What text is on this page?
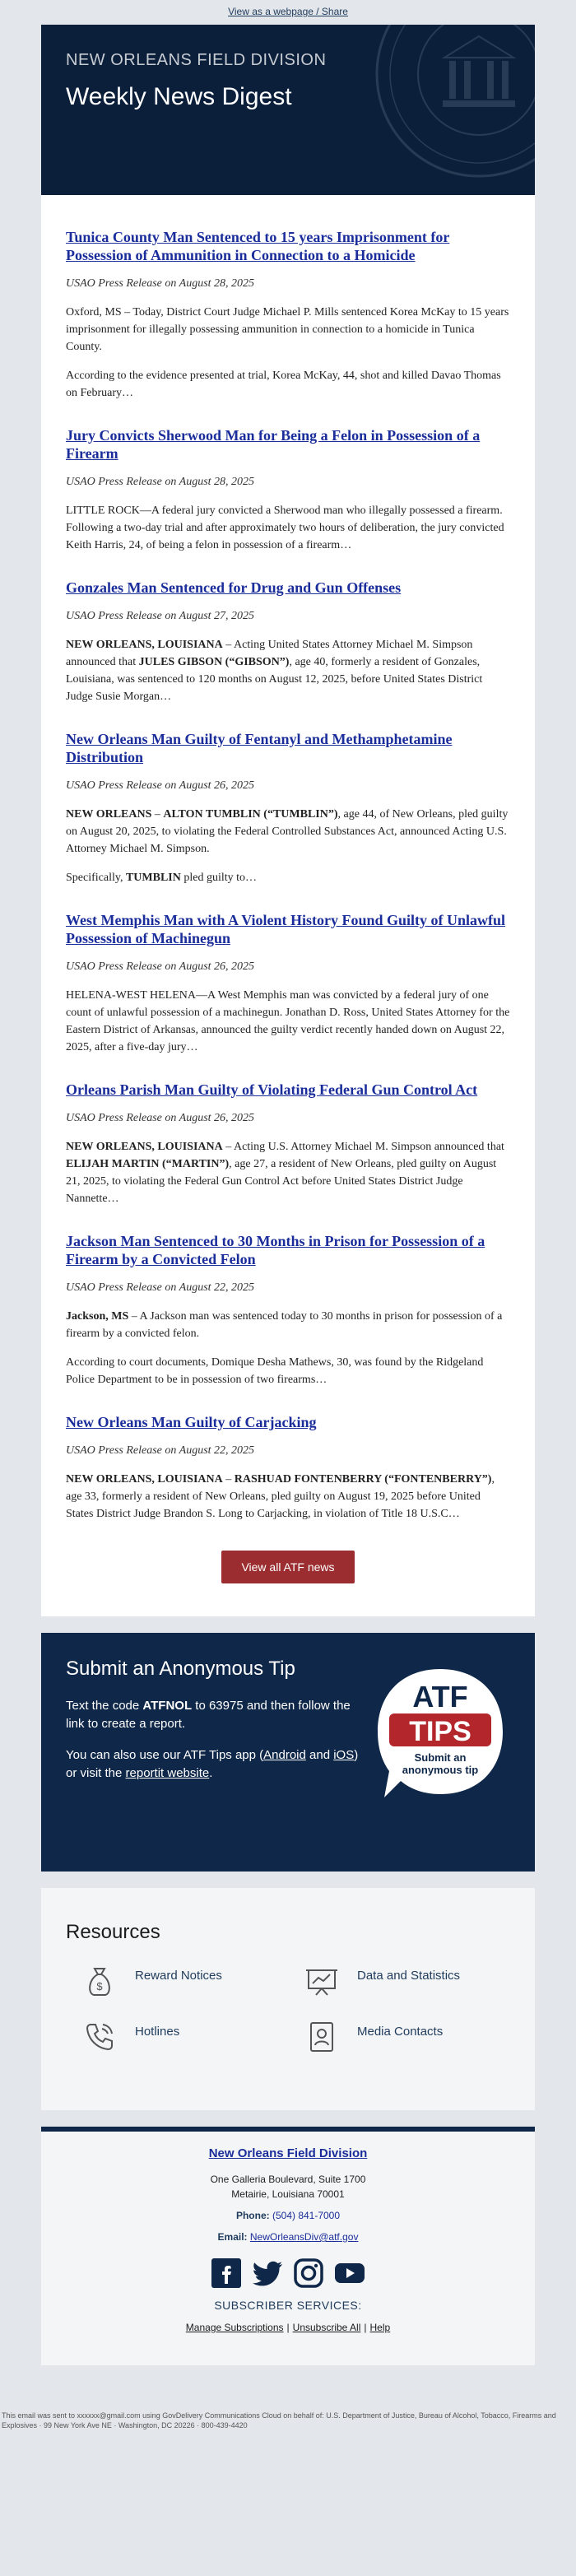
View as a webpage / Share
NEW ORLEANS FIELD DIVISION
Weekly News Digest
Tunica County Man Sentenced to 15 years Imprisonment for Possession of Ammunition in Connection to a Homicide
USAO Press Release on August 28, 2025

Oxford, MS – Today, District Court Judge Michael P. Mills sentenced Korea McKay to 15 years imprisonment for illegally possessing ammunition in connection to a homicide in Tunica County.

According to the evidence presented at trial, Korea McKay, 44, shot and killed Davao Thomas on February…

Jury Convicts Sherwood Man for Being a Felon in Possession of a Firearm
USAO Press Release on August 28, 2025

LITTLE ROCK—A federal jury convicted a Sherwood man who illegally possessed a firearm. Following a two-day trial and after approximately two hours of deliberation, the jury convicted Keith Harris, 24, of being a felon in possession of a firearm…

Gonzales Man Sentenced for Drug and Gun Offenses
USAO Press Release on August 27, 2025

NEW ORLEANS, LOUISIANA – Acting United States Attorney Michael M. Simpson announced that JULES GIBSON (“GIBSON”), age 40, formerly a resident of Gonzales, Louisiana, was sentenced to 120 months on August 12, 2025, before United States District Judge Susie Morgan…

New Orleans Man Guilty of Fentanyl and Methamphetamine Distribution
USAO Press Release on August 26, 2025

NEW ORLEANS – ALTON TUMBLIN (“TUMBLIN”), age 44, of New Orleans, pled guilty on August 20, 2025, to violating the Federal Controlled Substances Act, announced Acting U.S. Attorney Michael M. Simpson.

Specifically, TUMBLIN pled guilty to…

West Memphis Man with A Violent History Found Guilty of Unlawful Possession of Machinegun
USAO Press Release on August 26, 2025

HELENA-WEST HELENA—A West Memphis man was convicted by a federal jury of one count of unlawful possession of a machinegun. Jonathan D. Ross, United States Attorney for the Eastern District of Arkansas, announced the guilty verdict recently handed down on August 22, 2025, after a five-day jury…

Orleans Parish Man Guilty of Violating Federal Gun Control Act
USAO Press Release on August 26, 2025

NEW ORLEANS, LOUISIANA – Acting U.S. Attorney Michael M. Simpson announced that ELIJAH MARTIN (“MARTIN”), age 27, a resident of New Orleans, pled guilty on August 21, 2025, to violating the Federal Gun Control Act before United States District Judge Nannette…

Jackson Man Sentenced to 30 Months in Prison for Possession of a Firearm by a Convicted Felon
USAO Press Release on August 22, 2025

Jackson, MS – A Jackson man was sentenced today to 30 months in prison for possession of a firearm by a convicted felon.

According to court documents, Domique Desha Mathews, 30, was found by the Ridgeland Police Department to be in possession of two firearms…

New Orleans Man Guilty of Carjacking
USAO Press Release on August 22, 2025

NEW ORLEANS, LOUISIANA – RASHUAD FONTENBERRY (“FONTENBERRY”), age 33, formerly a resident of New Orleans, pled guilty on August 19, 2025 before United States District Judge Brandon S. Long to Carjacking, in violation of Title 18 U.S.C…

View all ATF news
Submit an Anonymous Tip

Text the code ATFNOL to 63975 and then follow the link to create a report.

You can also use our ATF Tips app (Android and iOS) or visit the reportit website.

ATF
TIPS
Submit an
anonymous tip
Resources
$
Reward Notices	Data and Statistics
Hotlines	Media Contacts
New Orleans Field Division
One Galleria Boulevard, Suite 1700
Metairie, Louisiana 70001
Phone: (504) 841-7000
Email: NewOrleansDiv@atf.gov
SUBSCRIBER SERVICES:
Manage Subscriptions | Unsubscribe All | Help
This email was sent to xxxxxx@gmail.com using GovDelivery Communications Cloud on behalf of: U.S. Department of Justice, Bureau of Alcohol, Tobacco, Firearms and Explosives · 99 New York Ave NE · Washington, DC 20226 · 800-439-4420
